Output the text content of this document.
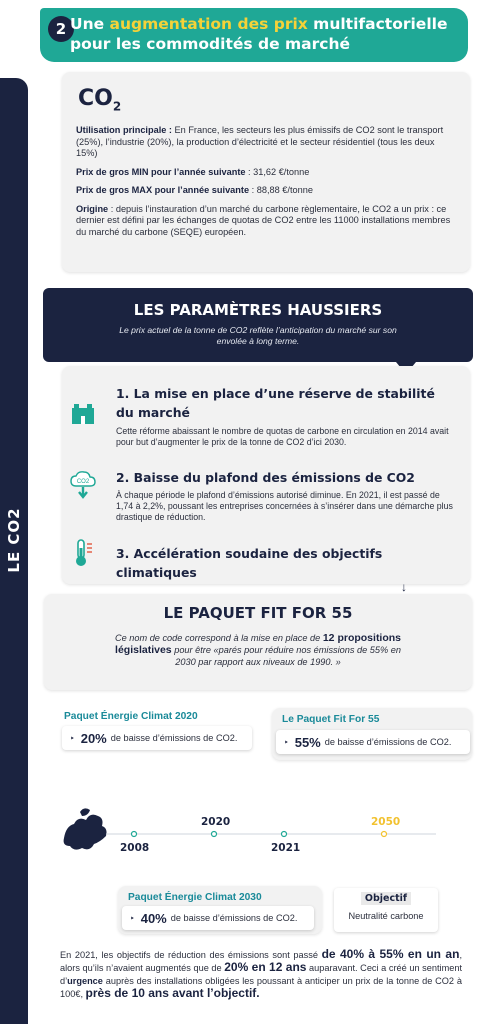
LE CO2
2 Une augmentation des prix multifactorielle pour les commodités de marché
$CO_2$

Utilisation principale : En France, les secteurs les plus émissifs de CO2 sont le transport (25%), l’industrie (20%), la production d’électricité et le secteur résidentiel (tous les deux 15%)

Prix de gros MIN pour l’année suivante : 31,62 €/tonne

Prix de gros MAX pour l’année suivante : 88,88 €/tonne

Origine : depuis l’instauration d’un marché du carbone règlementaire, le CO2 a un prix : ce dernier est défini par les échanges de quotas de CO2 entre les 11000 installations membres du marché du carbone (SEQE) européen.

LES PARAMÈTRES HAUSSIERS
Le prix actuel de la tonne de CO2 reflète l’anticipation du marché sur son envolée à long terme.
1. La mise en place d’une réserve de stabilité du marché
Cette réforme abaissant le nombre de quotas de carbone en circulation en 2014 avait pour but d’augmenter le prix de la tonne de CO2 d’ici 2030.
CO2 2. Baisse du plafond des émissions de CO2
À chaque période le plafond d’émissions autorisé diminue. En 2021, il est passé de 1,74 à 2,2%, poussant les entreprises concernées à s’insérer dans une démarche plus drastique de réduction.
3. Accélération soudaine des objectifs climatiques
↓
LE PAQUET FIT FOR 55
Ce nom de code correspond à la mise en place de 12 propositions législatives pour être «parés pour réduire nos émissions de 55% en 2030 par rapport aux niveaux de 1990. »
Paquet Énergie Climat 2020
‣ 20% de baisse d’émissions de CO2.
Le Paquet Fit For 55
‣ 55% de baisse d’émissions de CO2.
2008
2020
2021
2050
Paquet Énergie Climat 2030
‣ 40% de baisse d’émissions de CO2.
Objectif
Neutralité carbone
En 2021, les objectifs de réduction des émissions sont passé de 40% à 55% en un an, alors qu’ils n’avaient augmentés que de 20% en 12 ans auparavant. Ceci a créé un sentiment d’urgence auprès des installations obligées les poussant à anticiper un prix de la tonne de CO2 à 100€, près de 10 ans avant l’objectif.
